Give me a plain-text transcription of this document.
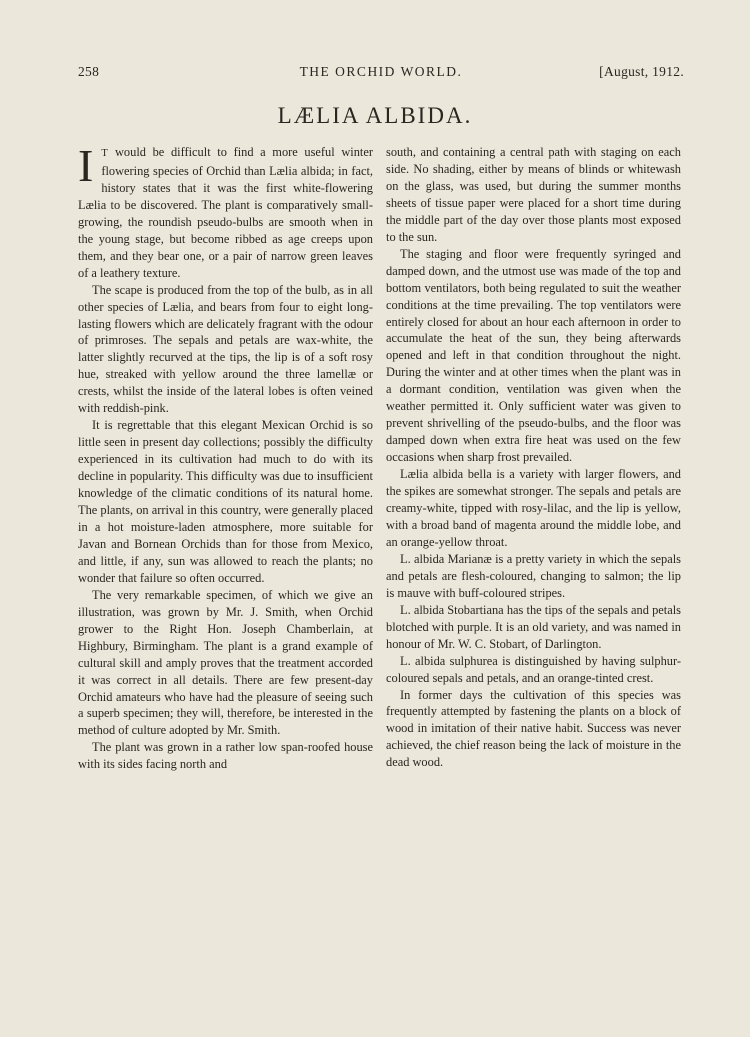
258	THE ORCHID WORLD.	[August, 1912.
LÆLIA ALBIDA.

I T would be difficult to find a more useful winter flowering species of Orchid than Lælia albida; in fact, history states that it was the first white-flowering Lælia to be discovered. The plant is comparatively small-growing, the roundish pseudo-bulbs are smooth when in the young stage, but become ribbed as age creeps upon them, and they bear one, or a pair of narrow green leaves of a leathery texture.

The scape is produced from the top of the bulb, as in all other species of Lælia, and bears from four to eight long-lasting flowers which are delicately fragrant with the odour of primroses. The sepals and petals are wax-white, the latter slightly recurved at the tips, the lip is of a soft rosy hue, streaked with yellow around the three lamellæ or crests, whilst the inside of the lateral lobes is often veined with reddish-pink.

It is regrettable that this elegant Mexican Orchid is so little seen in present day collections; possibly the difficulty experienced in its cultivation had much to do with its decline in popularity. This difficulty was due to insufficient knowledge of the climatic conditions of its natural home. The plants, on arrival in this country, were generally placed in a hot moisture-laden atmosphere, more suitable for Javan and Bornean Orchids than for those from Mexico, and little, if any, sun was allowed to reach the plants; no wonder that failure so often occurred.

The very remarkable specimen, of which we give an illustration, was grown by Mr. J. Smith, when Orchid grower to the Right Hon. Joseph Chamberlain, at Highbury, Birmingham. The plant is a grand example of cultural skill and amply proves that the treatment accorded it was correct in all details. There are few present-day Orchid amateurs who have had the pleasure of seeing such a superb specimen; they will, therefore, be interested in the method of culture adopted by Mr. Smith.

The plant was grown in a rather low span-roofed house with its sides facing north and

south, and containing a central path with staging on each side. No shading, either by means of blinds or whitewash on the glass, was used, but during the summer months sheets of tissue paper were placed for a short time during the middle part of the day over those plants most exposed to the sun.

The staging and floor were frequently syringed and damped down, and the utmost use was made of the top and bottom ventilators, both being regulated to suit the weather conditions at the time prevailing. The top ventilators were entirely closed for about an hour each afternoon in order to accumulate the heat of the sun, they being afterwards opened and left in that condition throughout the night. During the winter and at other times when the plant was in a dormant condition, ventilation was given when the weather permitted it. Only sufficient water was given to prevent shrivelling of the pseudo-bulbs, and the floor was damped down when extra fire heat was used on the few occasions when sharp frost prevailed.

Lælia albida bella is a variety with larger flowers, and the spikes are somewhat stronger. The sepals and petals are creamy-white, tipped with rosy-lilac, and the lip is yellow, with a broad band of magenta around the middle lobe, and an orange-yellow throat.

L. albida Marianæ is a pretty variety in which the sepals and petals are flesh-coloured, changing to salmon; the lip is mauve with buff-coloured stripes.

L. albida Stobartiana has the tips of the sepals and petals blotched with purple. It is an old variety, and was named in honour of Mr. W. C. Stobart, of Darlington.

L. albida sulphurea is distinguished by having sulphur-coloured sepals and petals, and an orange-tinted crest.

In former days the cultivation of this species was frequently attempted by fastening the plants on a block of wood in imitation of their native habit. Success was never achieved, the chief reason being the lack of moisture in the dead wood.
